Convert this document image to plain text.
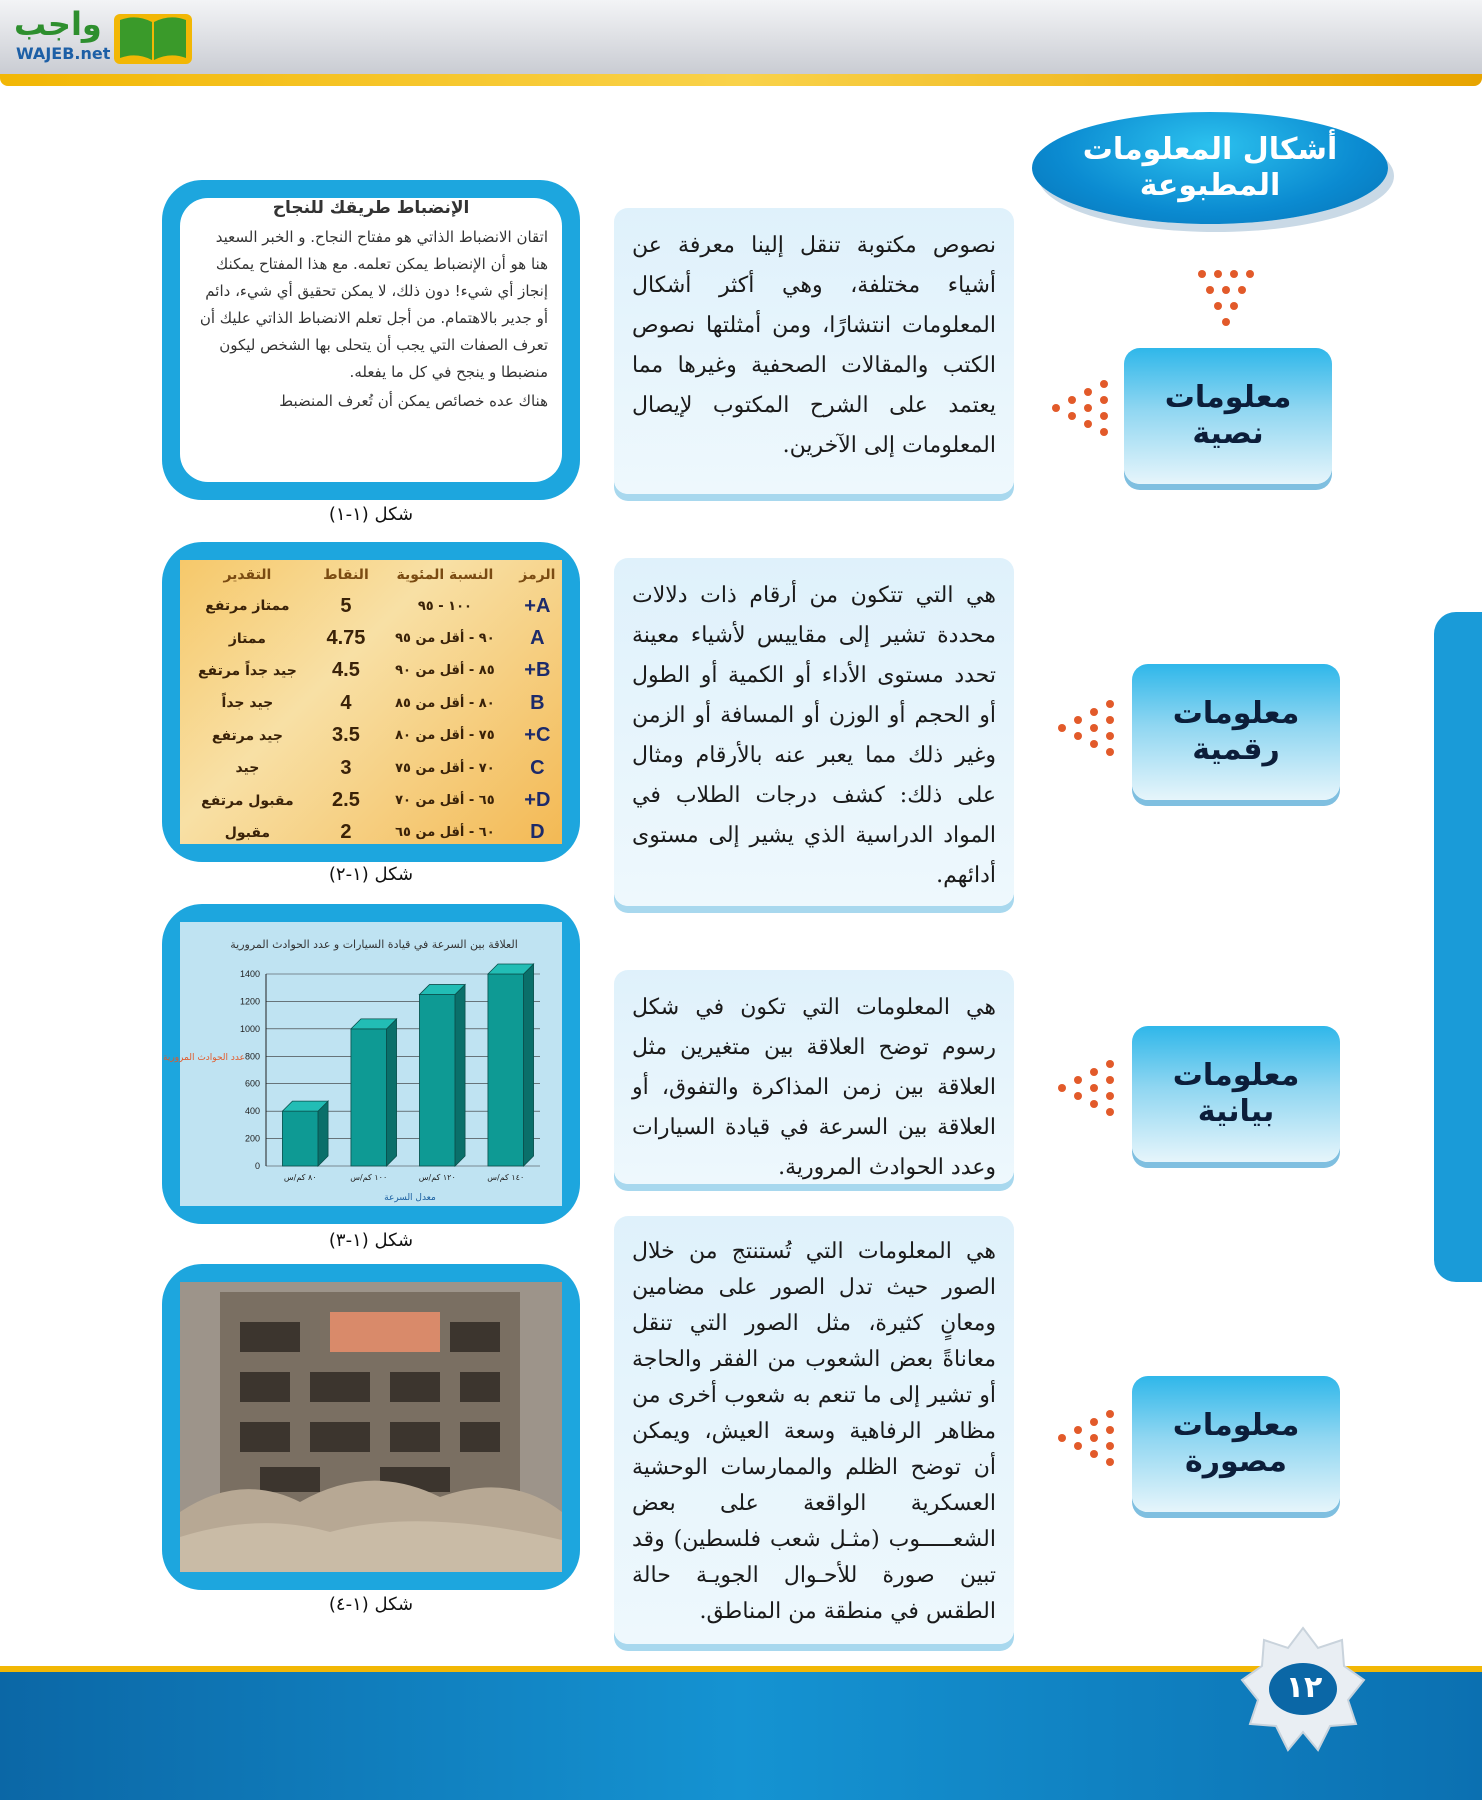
واجب
WAJEB.net
أشكال المعلومات
المطبوعة
معلومات
نصية
معلومات
رقمية
معلومات
بيانية
معلومات
مصورة

نصوص مكتوبة تنقل إلينا معرفة عن أشياء مختلفة، وهي أكثر أشكال المعلومات انتشارًا، ومن أمثلتها نصوص الكتب والمقالات الصحفية وغيرها مما يعتمد على الشرح المكتوب لإيصال المعلومات إلى الآخرين.

هي التي تتكون من أرقام ذات دلالات محددة تشير إلى مقاييس لأشياء معينة تحدد مستوى الأداء أو الكمية أو الطول أو الحجم أو الوزن أو المسافة أو الزمن وغير ذلك مما يعبر عنه بالأرقام ومثال على ذلك: كشف درجات الطلاب في المواد الدراسية الذي يشير إلى مستوى أدائهم.

هي المعلومات التي تكون في شكل رسوم توضح العلاقة بين متغيرين مثل العلاقة بين زمن المذاكرة والتفوق، أو العلاقة بين السرعة في قيادة السيارات وعدد الحوادث المرورية.

هي المعلومات التي تُستنتج من خلال الصور حيث تدل الصور على مضامين ومعانٍ كثيرة، مثل الصور التي تنقل معاناةً بعض الشعوب من الفقر والحاجة أو تشير إلى ما تنعم به شعوب أخرى من مظاهر الرفاهية وسعة العيش، ويمكن أن توضح الظلم والممارسات الوحشية العسكرية الواقعة على بعض الشعـــــوب (مثـل شعب فلسطين) وقد تبين صورة للأحـوال الجويـة حالة الطقس في منطقة من المناطق.

الإنضباط طريقك للنجاح
اتقان الانضباط الذاتي هو مفتاح النجاح. و الخبر السعيد هنا هو أن الإنضباط يمكن تعلمه. مع هذا المفتاح يمكنك إنجاز أي شيء! دون ذلك، لا يمكن تحقيق أي شيء، دائم أو جدير بالاهتمام. من أجل تعلم الانضباط الذاتي عليك أن تعرف الصفات التي يجب أن يتحلى بها الشخص ليكون منضبطا و ينجح في كل ما يفعله.
هناك عده خصائص يمكن أن تُعرف المنضبط
شكل (١-١)
الرمز	النسبة المئوية	النقاط	التقدير
A+	١٠٠ - ٩٥	5	ممتاز مرتفع
A	٩٠ - أقل من ٩٥	4.75	ممتاز
B+	٨٥ - أقل من ٩٠	4.5	جيد جداً مرتفع
B	٨٠ - أقل من ٨٥	4	جيد جداً
C+	٧٥ - أقل من ٨٠	3.5	جيد مرتفع
C	٧٠ - أقل من ٧٥	3	جيد
D+	٦٥ - أقل من ٧٠	2.5	مقبول مرتفع
D	٦٠ - أقل من ٦٥	2	مقبول
شكل (١-٢)
العلاقة بين السرعة في قيادة السيارات و عدد الحوادث المرورية
عدد الحوادث المرورية
معدل السرعة
0
200
400
600
800
1000
1200
1400
٨٠ كم/س	١٠٠ كم/س	١٢٠ كم/س	١٤٠ كم/س
شكل (١-٣)
شكل (١-٤)
١٢
